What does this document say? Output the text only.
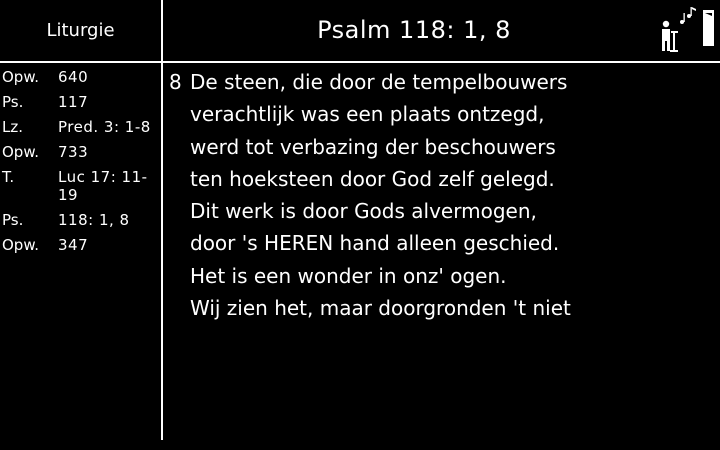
Liturgie	Psalm 118: 1, 8
Opw.	640
Ps.	117
Lz.	Pred. 3: 1-8
Opw.	733
T.	Luc 17: 11-19
Ps.	118: 1, 8
Opw.	347
8 De steen, die door de tempelbouwers
verachtlijk was een plaats ontzegd,
werd tot verbazing der beschouwers
ten hoeksteen door God zelf gelegd.
Dit werk is door Gods alvermogen,
door 's HEREN hand alleen geschied.
Het is een wonder in onz' ogen.
Wij zien het, maar doorgronden 't niet
